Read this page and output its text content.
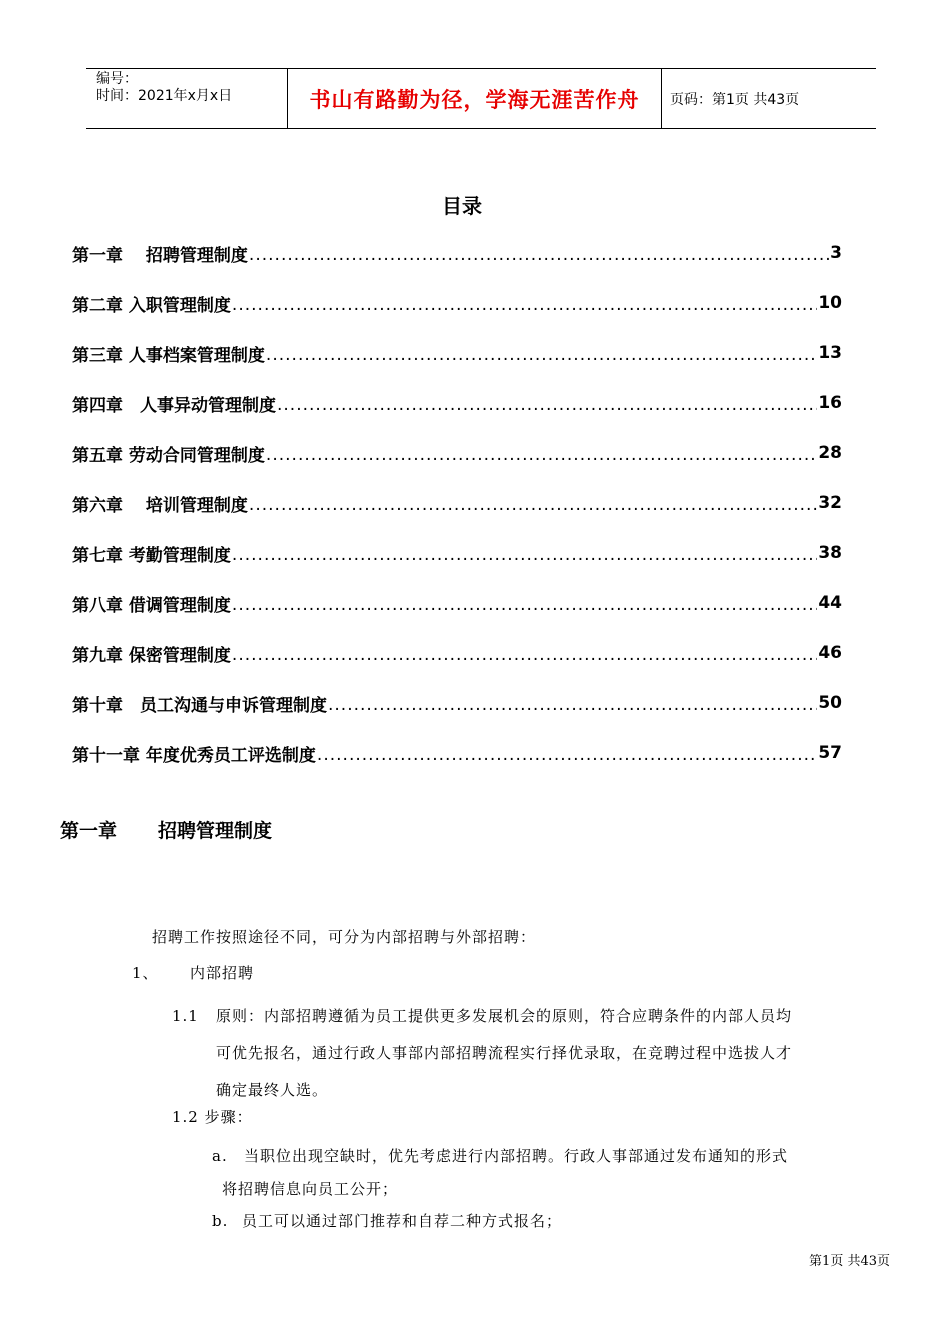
编号：
时间：2021年x月x日	书山有路勤为径，学海无涯苦作舟 页码：第1页 共43页
目录
第一章　 招聘管理制度 .....	3
第二章 入职管理制度 .....	10
第三章 人事档案管理制度 .....	13
第四章　人事异动管理制度 .....	16
第五章 劳动合同管理制度 .....	28
第六章　 培训管理制度 .....	32
第七章 考勤管理制度 .....	38
第八章 借调管理制度 .....	44
第九章 保密管理制度 .....	46
第十章　员工沟通与申诉管理制度 .....	50
第十一章 年度优秀员工评选制度 .....	57
第一章 招聘管理制度
招聘工作按照途径不同，可分为内部招聘与外部招聘：
1、 内部招聘
1.1 原则：内部招聘遵循为员工提供更多发展机会的原则，符合应聘条件的内部人员均
可优先报名，通过行政人事部内部招聘流程实行择优录取，在竞聘过程中选拔人才
确定最终人选。
1.2 步骤：
a. 当职位出现空缺时，优先考虑进行内部招聘。行政人事部通过发布通知的形式
将招聘信息向员工公开；
b. 员工可以通过部门推荐和自荐二种方式报名；
第1页 共43页
